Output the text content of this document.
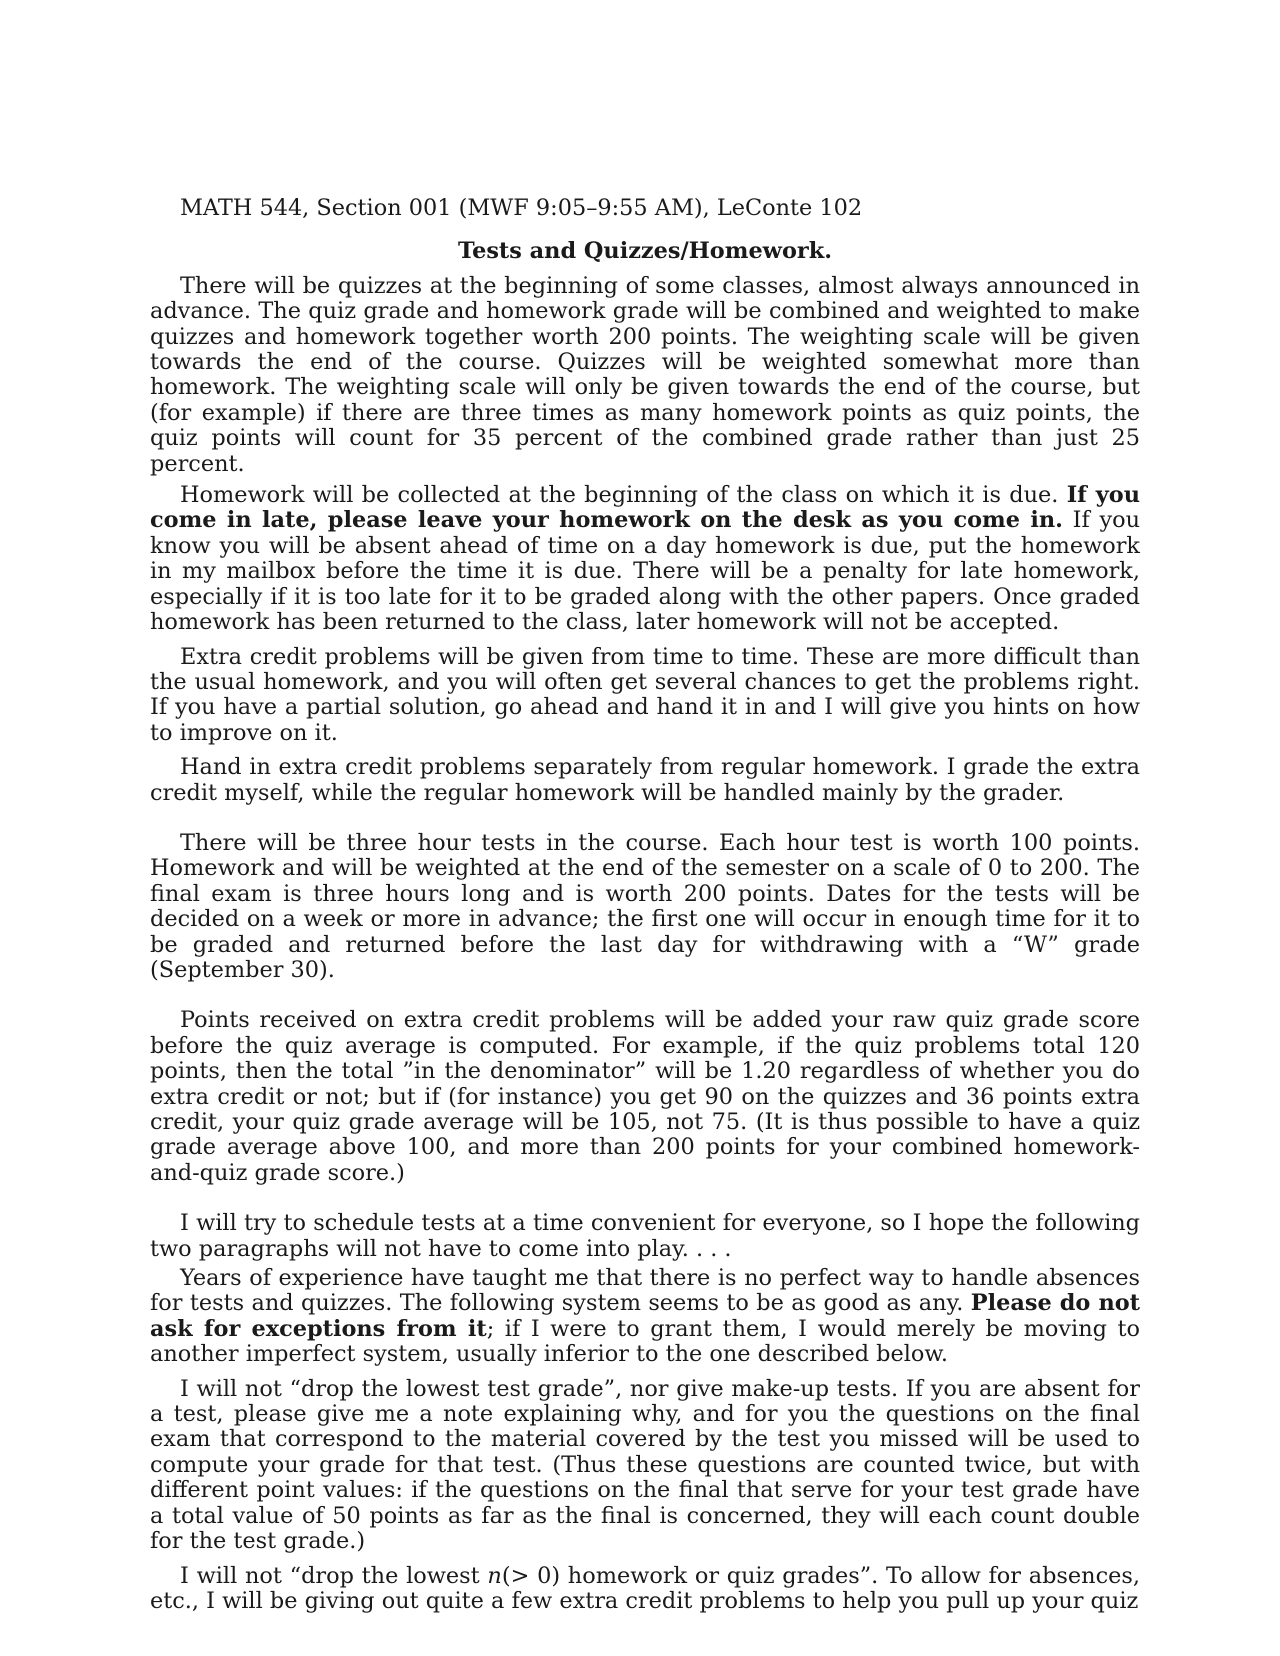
MATH 544, Section 001 (MWF 9:05–9:55 AM), LeConte 102
Tests and Quizzes/Homework.

There will be quizzes at the beginning of some classes, almost always announced in advance. The quiz grade and homework grade will be combined and weighted to make quizzes and homework together worth 200 points. The weighting scale will be given towards the end of the course. Quizzes will be weighted somewhat more than homework. The weighting scale will only be given towards the end of the course, but (for example) if there are three times as many homework points as quiz points, the quiz points will count for 35 percent of the combined grade rather than just 25 percent.

Homework will be collected at the beginning of the class on which it is due. If you come in late, please leave your homework on the desk as you come in. If you know you will be absent ahead of time on a day homework is due, put the homework in my mailbox before the time it is due. There will be a penalty for late homework, especially if it is too late for it to be graded along with the other papers. Once graded homework has been returned to the class, later homework will not be accepted.

Extra credit problems will be given from time to time. These are more difficult than the usual homework, and you will often get several chances to get the problems right. If you have a partial solution, go ahead and hand it in and I will give you hints on how to improve on it.

Hand in extra credit problems separately from regular homework. I grade the extra credit myself, while the regular homework will be handled mainly by the grader.

There will be three hour tests in the course. Each hour test is worth 100 points. Homework and will be weighted at the end of the semester on a scale of 0 to 200. The final exam is three hours long and is worth 200 points. Dates for the tests will be decided on a week or more in advance; the first one will occur in enough time for it to be graded and returned before the last day for withdrawing with a “W” grade (September 30).

Points received on extra credit problems will be added your raw quiz grade score before the quiz average is computed. For example, if the quiz problems total 120 points, then the total ”in the denominator” will be 1.20 regardless of whether you do extra credit or not; but if (for instance) you get 90 on the quizzes and 36 points extra credit, your quiz grade average will be 105, not 75. (It is thus possible to have a quiz grade average above 100, and more than 200 points for your combined homework-and-quiz grade score.)

I will try to schedule tests at a time convenient for everyone, so I hope the following two paragraphs will not have to come into play. . . .

Years of experience have taught me that there is no perfect way to handle absences for tests and quizzes. The following system seems to be as good as any. Please do not ask for exceptions from it; if I were to grant them, I would merely be moving to another imperfect system, usually inferior to the one described below.

I will not “drop the lowest test grade”, nor give make-up tests. If you are absent for a test, please give me a note explaining why, and for you the questions on the final exam that correspond to the material covered by the test you missed will be used to compute your grade for that test. (Thus these questions are counted twice, but with different point values: if the questions on the final that serve for your test grade have a total value of 50 points as far as the final is concerned, they will each count double for the test grade.)

I will not “drop the lowest n(> 0) homework or quiz grades”. To allow for absences, etc., I will be giving out quite a few extra credit problems to help you pull up your quiz
